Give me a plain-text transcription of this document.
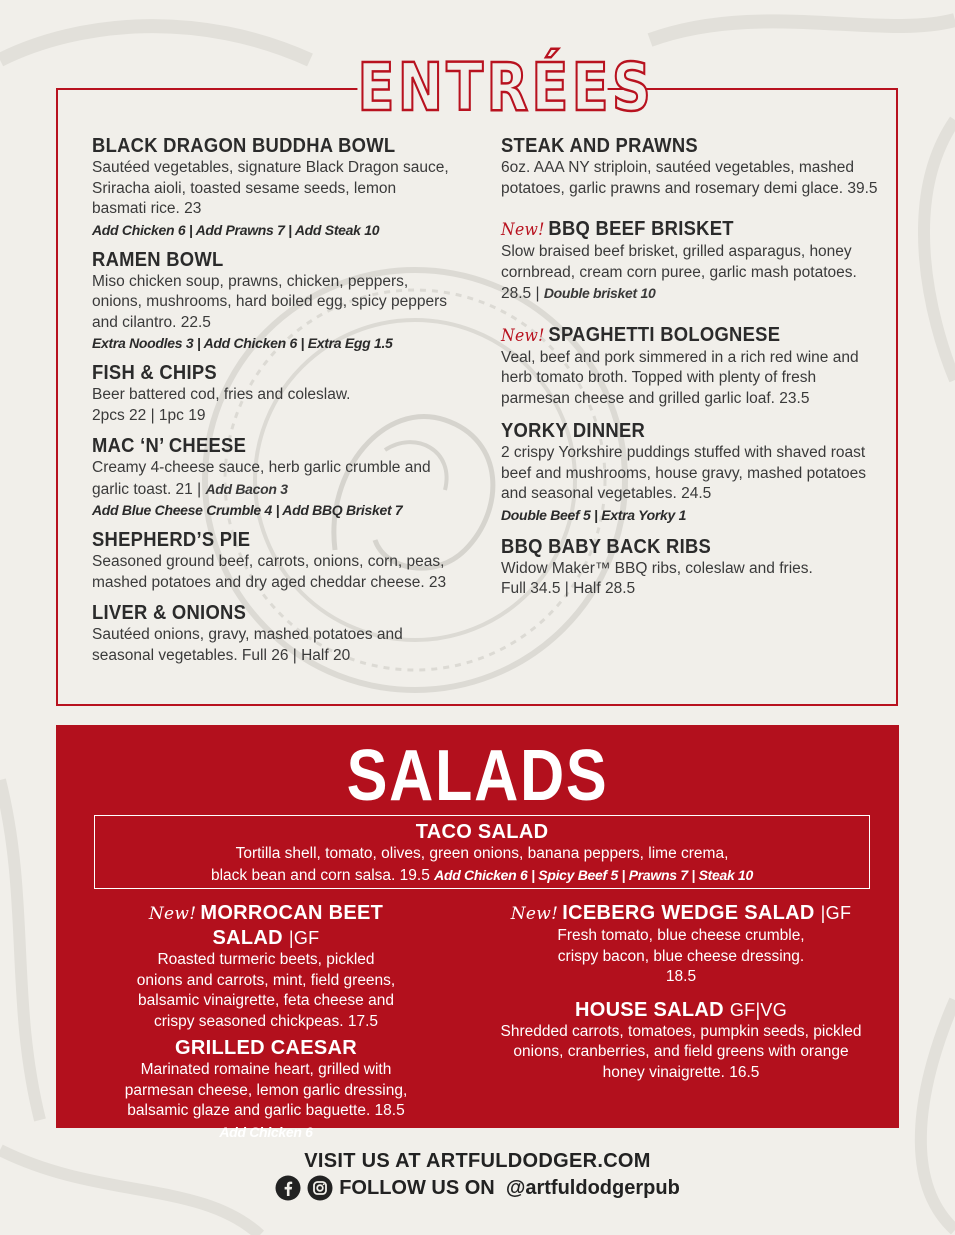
ENTRÉES
BLACK DRAGON BUDDHA BOWL
Sautéed vegetables, signature Black Dragon sauce, Sriracha aioli, toasted sesame seeds, lemon basmati rice. 23
Add Chicken 6 | Add Prawns 7 | Add Steak 10
RAMEN BOWL
Miso chicken soup, prawns, chicken, peppers, onions, mushrooms, hard boiled egg, spicy peppers and cilantro. 22.5
Extra Noodles 3 | Add Chicken 6 | Extra Egg 1.5
FISH & CHIPS
Beer battered cod, fries and coleslaw.
2pcs 22 | 1pc 19
MAC ‘N’ CHEESE
Creamy 4-cheese sauce, herb garlic crumble and garlic toast. 21 | Add Bacon 3
Add Blue Cheese Crumble 4 | Add BBQ Brisket 7
SHEPHERD’S PIE
Seasoned ground beef, carrots, onions, corn, peas, mashed potatoes and dry aged cheddar cheese. 23
LIVER & ONIONS
Sautéed onions, gravy, mashed potatoes and seasonal vegetables. Full 26 | Half 20
STEAK AND PRAWNS
6oz. AAA NY striploin, sautéed vegetables, mashed potatoes, garlic prawns and rosemary demi glace. 39.5
New! BBQ BEEF BRISKET
Slow braised beef brisket, grilled asparagus, honey cornbread, cream corn puree, garlic mash potatoes. 28.5 | Double brisket 10
New! SPAGHETTI BOLOGNESE
Veal, beef and pork simmered in a rich red wine and herb tomato broth. Topped with plenty of fresh parmesan cheese and grilled garlic loaf. 23.5
YORKY DINNER
2 crispy Yorkshire puddings stuffed with shaved roast beef and mushrooms, house gravy, mashed potatoes and seasonal vegetables. 24.5
Double Beef 5 | Extra Yorky 1
BBQ BABY BACK RIBS
Widow Maker™ BBQ ribs, coleslaw and fries.
Full 34.5 | Half 28.5
SALADS
TACO SALAD
Tortilla shell, tomato, olives, green onions, banana peppers, lime crema,
black bean and corn salsa. 19.5 Add Chicken 6 | Spicy Beef 5 | Prawns 7 | Steak 10
New! MORROCAN BEET SALAD |GF
Roasted turmeric beets, pickled onions and carrots, mint, field greens, balsamic vinaigrette, feta cheese and crispy seasoned chickpeas. 17.5
GRILLED CAESAR
Marinated romaine heart, grilled with parmesan cheese, lemon garlic dressing, balsamic glaze and garlic baguette. 18.5
Add Chicken 6
New! ICEBERG WEDGE SALAD |GF
Fresh tomato, blue cheese crumble, crispy bacon, blue cheese dressing. 18.5
HOUSE SALAD GF|VG
Shredded carrots, tomatoes, pumpkin seeds, pickled onions, cranberries, and field greens with orange honey vinaigrette. 16.5
VISIT US AT ARTFULDODGER.COM
FOLLOW US ON  @artfuldodgerpub
